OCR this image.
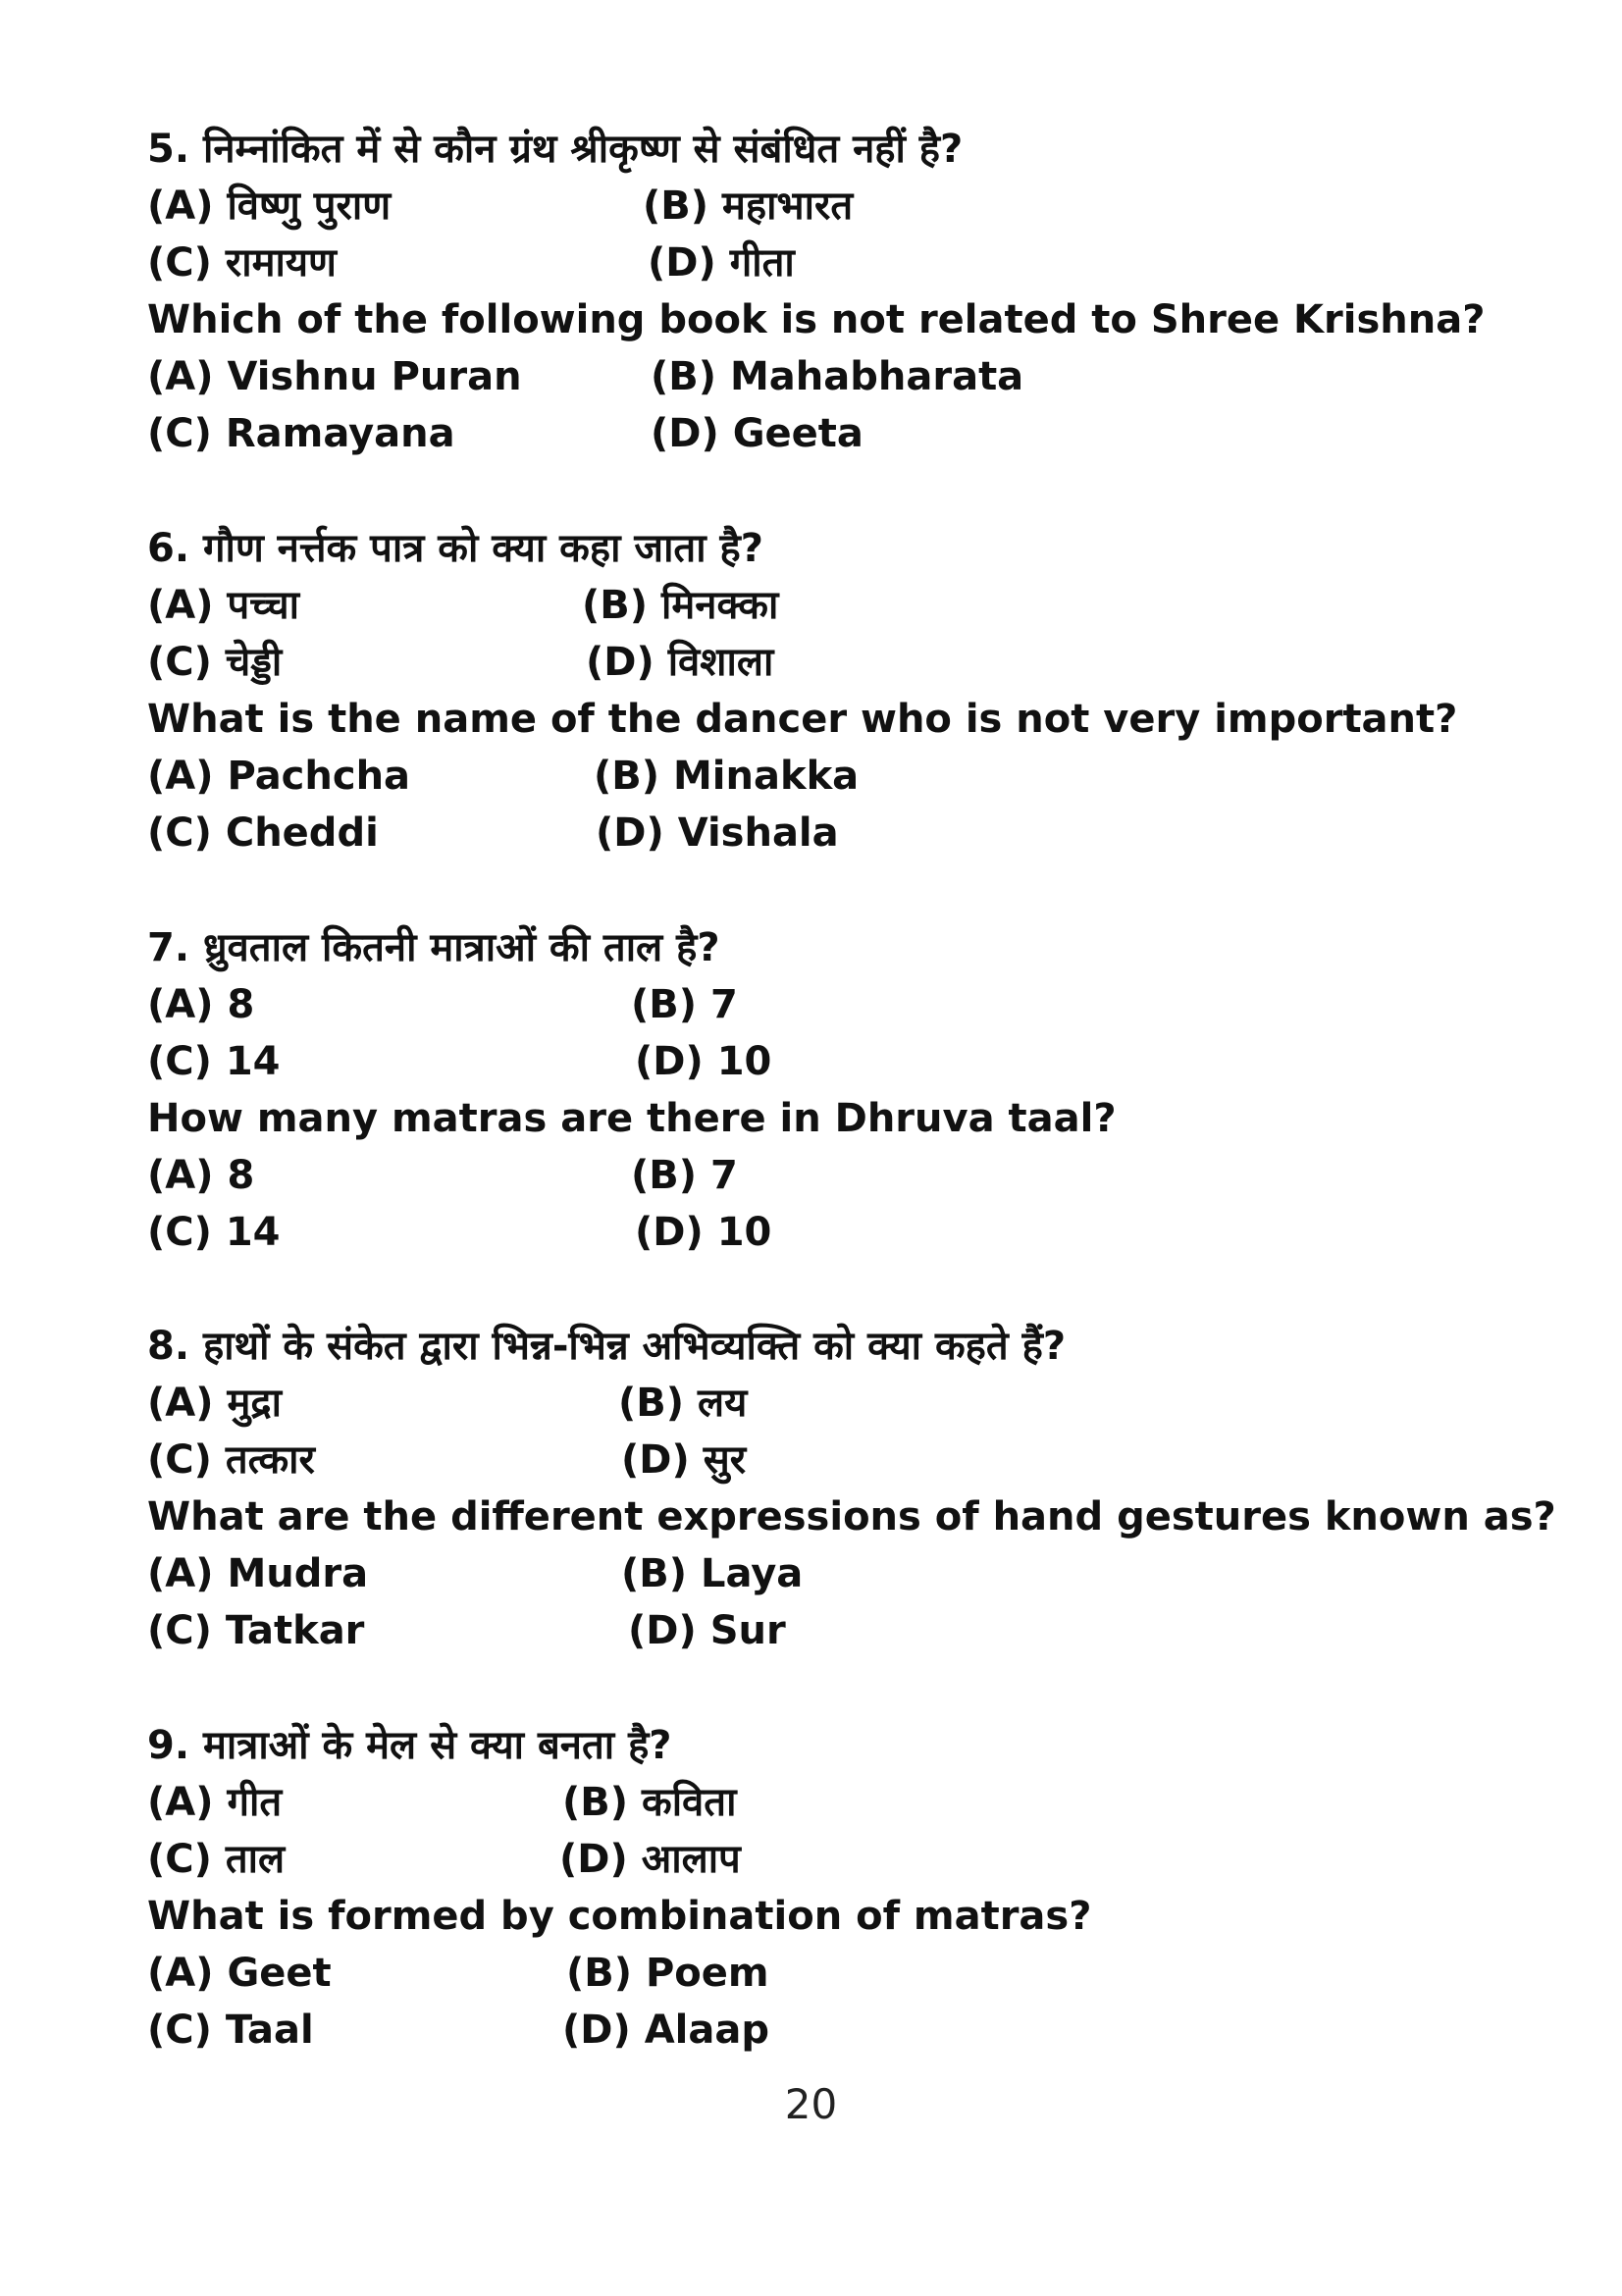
5. निम्नांकित में से कौन ग्रंथ श्रीकृष्ण से संबंधित नहीं है?
(A) विष्णु पुराण	(B) महाभारत
(C) रामायण	(D) गीता
Which of the following book is not related to Shree Krishna?
(A) Vishnu Puran	(B) Mahabharata
(C) Ramayana	(D) Geeta
6. गौण नर्त्तक पात्र को क्या कहा जाता है?
(A) पच्चा	(B) मिनक्का
(C) चेड्डी	(D) विशाला
What is the name of the dancer who is not very important?
(A) Pachcha	(B) Minakka
(C) Cheddi	(D) Vishala
7. ध्रुवताल कितनी मात्राओं की ताल है?
(A) 8	(B) 7
(C) 14	(D) 10
How many matras are there in Dhruva taal?
(A) 8	(B) 7
(C) 14	(D) 10
8. हाथों के संकेत द्वारा भिन्न-भिन्न अभिव्यक्ति को क्या कहते हैं?
(A) मुद्रा	(B) लय
(C) तत्कार	(D) सुर
What are the different expressions of hand gestures known as?
(A) Mudra	(B) Laya
(C) Tatkar	(D) Sur
9. मात्राओं के मेल से क्या बनता है?
(A) गीत	(B) कविता
(C) ताल	(D) आलाप
What is formed by combination of matras?
(A) Geet	(B) Poem
(C) Taal	(D) Alaap
20
